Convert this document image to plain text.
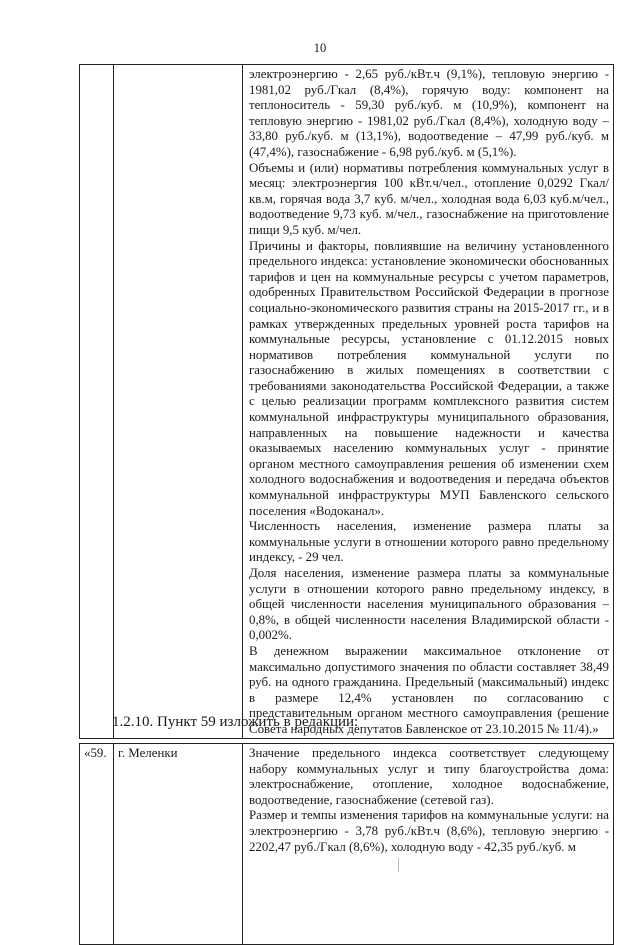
10

электроэнергию - 2,65 руб./кВт.ч (9,1%), тепловую энергию - 1981,02 руб./Гкал (8,4%), горячую воду: компонент на теплоноситель - 59,30 руб./куб. м (10,9%), компонент на тепловую энергию - 1981,02 руб./Гкал (8,4%), холодную воду – 33,80 руб./куб. м (13,1%), водоотведение – 47,99 руб./куб. м (47,4%), газоснабжение - 6,98 руб./куб. м (5,1%).

Объемы и (или) нормативы потребления коммунальных услуг в месяц: электроэнергия 100 кВт.ч/чел., отопление 0,0292 Гкал/кв.м, горячая вода 3,7 куб. м/чел., холодная вода 6,03 куб.м/чел., водоотведение 9,73 куб. м/чел., газоснабжение на приготовление пищи 9,5 куб. м/чел.

Причины и факторы, повлиявшие на величину установленного предельного индекса: установление экономически обоснованных тарифов и цен на коммунальные ресурсы с учетом параметров, одобренных Правительством Российской Федерации в прогнозе социально-экономического развития страны на 2015-2017 гг., и в рамках утвержденных предельных уровней роста тарифов на коммунальные ресурсы, установление с 01.12.2015 новых нормативов потребления коммунальной услуги по газоснабжению в жилых помещениях в соответствии с требованиями законодательства Российской Федерации, а также с целью реализации программ комплексного развития систем коммунальной инфраструктуры муниципального образования, направленных на повышение надежности и качества оказываемых населению коммунальных услуг - принятие органом местного самоуправления решения об изменении схем холодного водоснабжения и водоотведения и передача объектов коммунальной инфраструктуры МУП Бавленского сельского поселения «Водоканал».

Численность населения, изменение размера платы за коммунальные услуги в отношении которого равно предельному индексу, - 29 чел.

Доля населения, изменение размера платы за коммунальные услуги в отношении которого равно предельному индексу, в общей численности населения муниципального образования – 0,8%, в общей численности населения Владимирской области - 0,002%.

В денежном выражении максимальное отклонение от максимально допустимого значения по области составляет 38,49 руб. на одного гражданина. Предельный (максимальный) индекс в размере 12,4% установлен по согласованию с представительным органом местного самоуправления (решение Совета народных депутатов Бавленское от 23.10.2015 № 11/4).»

1.2.10. Пункт 59 изложить в редакции:
«59.	г. Меленки	Значение предельного индекса соответствует следующему набору коммунальных услуг и типу благоустройства дома: электроснабжение, отопление, холодное водоснабжение, водоотведение, газоснабжение (сетевой газ).

Размер и темпы изменения тарифов на коммунальные услуги: на электроэнергию - 3,78 руб./кВт.ч (8,6%), тепловую энергию - 2202,47 руб./Гкал (8,6%), холодную воду - 42,35 руб./куб. м
